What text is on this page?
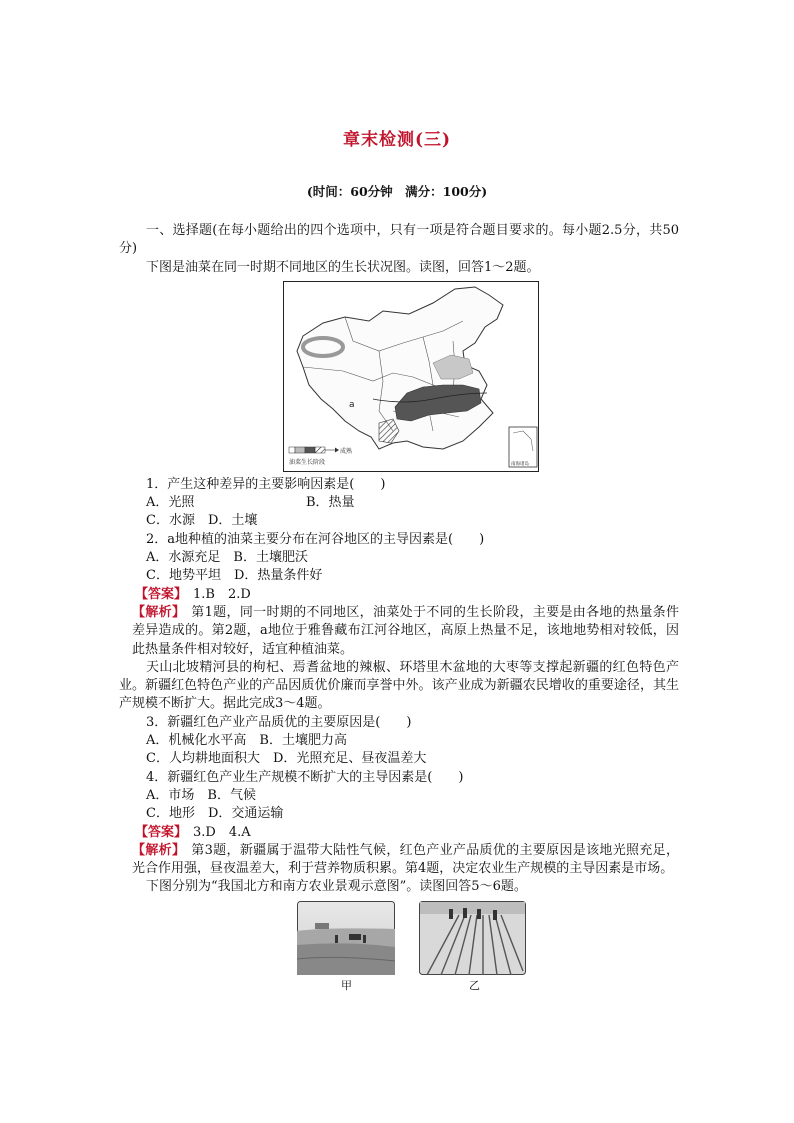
章末检测(三)
(时间：60分钟　满分：100分)

一、选择题(在每小题给出的四个选项中，只有一项是符合题目要求的。每小题2.5分，共50分)

下图是油菜在同一时期不同地区的生长状况图。读图，回答1～2题。

a
南海诸岛
成熟
油菜生长阶段

1．产生这种差异的主要影响因素是(　　)

A．光照	B．热量

C．水源　D．土壤

2．a地种植的油菜主要分布在河谷地区的主导因素是(　　)

A．水源充足　B．土壤肥沃

C．地势平坦　D．热量条件好

【答案】 1.B　2.D

【解析】 第1题，同一时期的不同地区，油菜处于不同的生长阶段，主要是由各地的热量条件差异造成的。第2题，a地位于雅鲁藏布江河谷地区，高原上热量不足，该地地势相对较低，因此热量条件相对较好，适宜种植油菜。

天山北坡精河县的枸杞、焉耆盆地的辣椒、环塔里木盆地的大枣等支撑起新疆的红色特色产业。新疆红色特色产业的产品因质优价廉而享誉中外。该产业成为新疆农民增收的重要途径，其生产规模不断扩大。据此完成3～4题。

3．新疆红色产业产品质优的主要原因是(　　)

A．机械化水平高　B．土壤肥力高

C．人均耕地面积大　D．光照充足、昼夜温差大

4．新疆红色产业生产规模不断扩大的主导因素是(　　)

A．市场　B．气候

C．地形　D．交通运输

【答案】 3.D　4.A

【解析】 第3题，新疆属于温带大陆性气候，红色产业产品质优的主要原因是该地光照充足，光合作用强，昼夜温差大，利于营养物质积累。第4题，决定农业生产规模的主导因素是市场。

下图分别为“我国北方和南方农业景观示意图”。读图回答5～6题。

甲	乙
